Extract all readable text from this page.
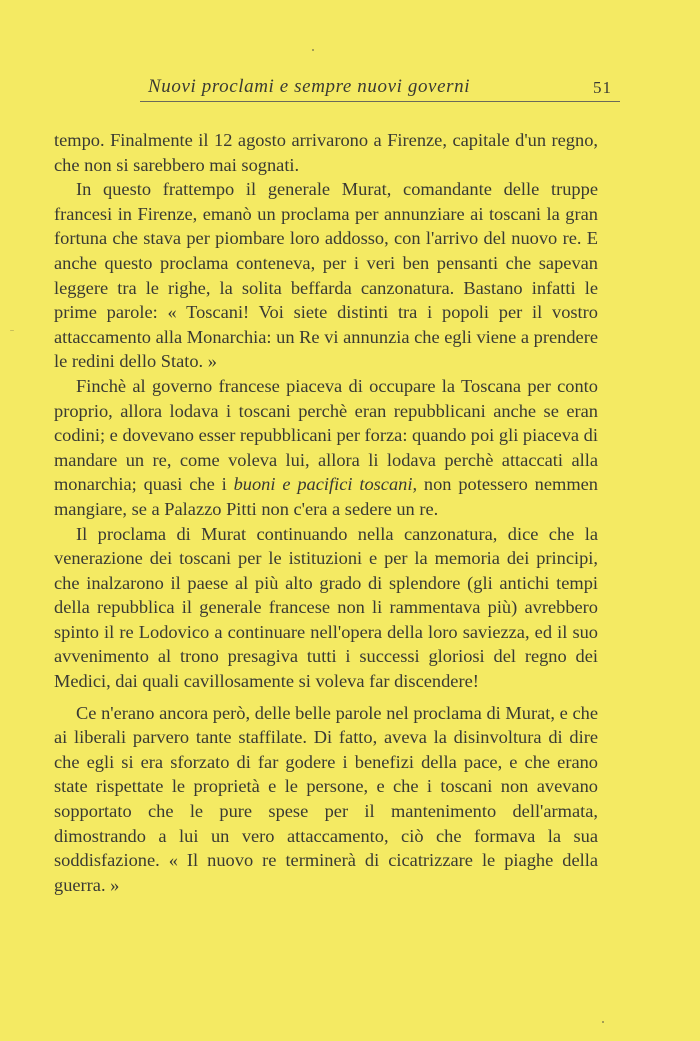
Nuovi proclami e sempre nuovi governi	51

tempo. Finalmente il 12 agosto arrivarono a Firenze, capitale d'un regno, che non si sarebbero mai sognati.

In questo frattempo il generale Murat, comandante delle truppe francesi in Firenze, emanò un proclama per annunziare ai toscani la gran fortuna che stava per piombare loro addosso, con l'arrivo del nuovo re. E anche questo proclama conteneva, per i veri ben pensanti che sapevan leggere tra le righe, la solita beffarda canzonatura. Bastano infatti le prime parole: « Toscani! Voi siete distinti tra i popoli per il vostro attaccamento alla Monarchia: un Re vi annunzia che egli viene a prendere le redini dello Stato. »

Finchè al governo francese piaceva di occupare la Toscana per conto proprio, allora lodava i toscani perchè eran repubblicani anche se eran codini; e dovevano esser repubblicani per forza: quando poi gli piaceva di mandare un re, come voleva lui, allora li lodava perchè attaccati alla monarchia; quasi che i buoni e pacifici toscani, non potessero nemmen mangiare, se a Palazzo Pitti non c'era a sedere un re.

Il proclama di Murat continuando nella canzonatura, dice che la venerazione dei toscani per le istituzioni e per la memoria dei principi, che inalzarono il paese al più alto grado di splendore (gli antichi tempi della repubblica il generale francese non li rammentava più) avrebbero spinto il re Lodovico a continuare nell'opera della loro saviezza, ed il suo avvenimento al trono presagiva tutti i successi gloriosi del regno dei Medici, dai quali cavillosamente si voleva far discendere!

Ce n'erano ancora però, delle belle parole nel proclama di Murat, e che ai liberali parvero tante staffilate. Di fatto, aveva la disinvoltura di dire che egli si era sforzato di far godere i benefizi della pace, e che erano state rispettate le proprietà e le persone, e che i toscani non avevano sopportato che le pure spese per il mantenimento dell'armata, dimostrando a lui un vero attaccamento, ciò che formava la sua soddisfazione. « Il nuovo re terminerà di cicatrizzare le piaghe della guerra. »
